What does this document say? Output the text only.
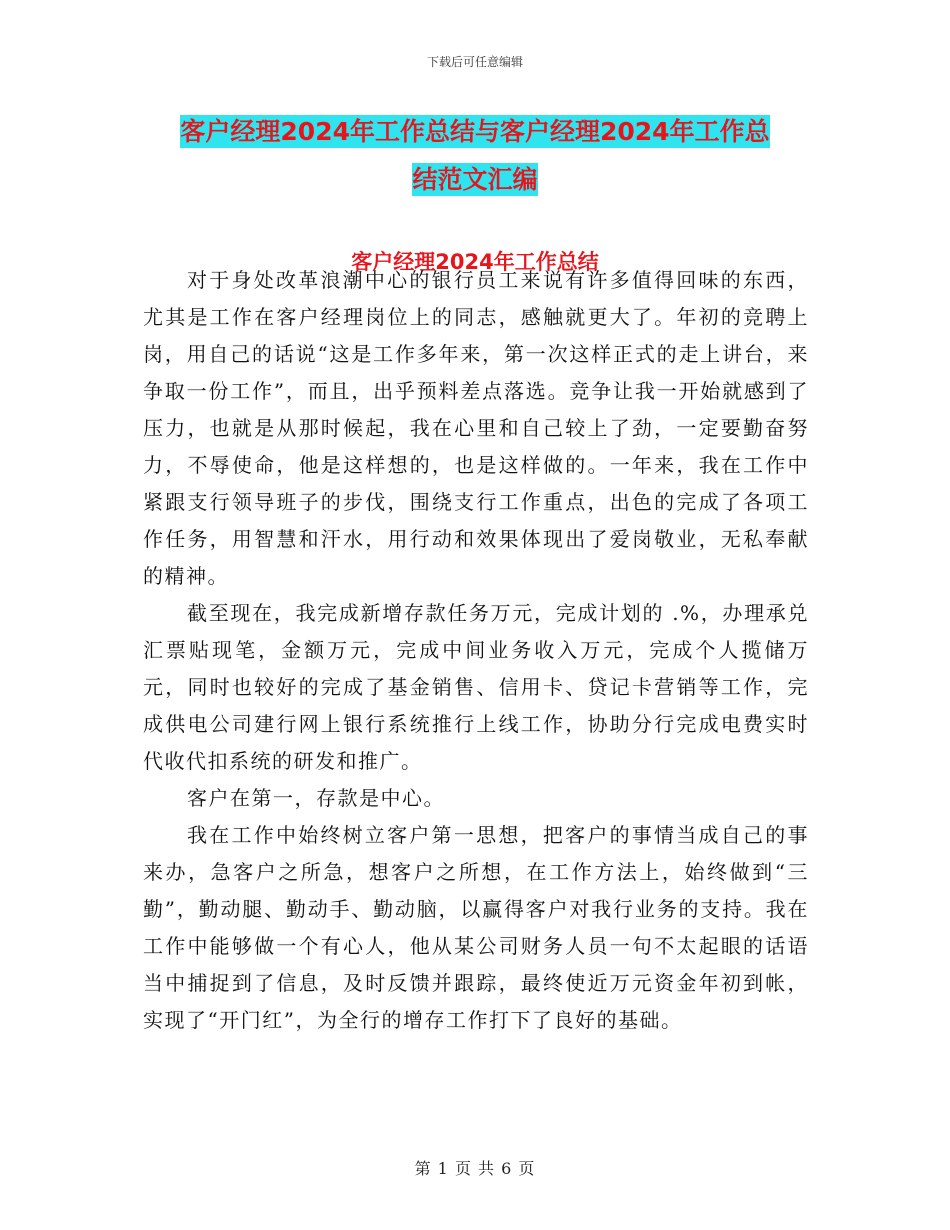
下载后可任意编辑
客户经理2024年工作总结与客户经理2024年工作总
结范文汇编
客户经理2024年工作总结

对于身处改革浪潮中心的银行员工来说有许多值得回味的东西，尤其是工作在客户经理岗位上的同志，感触就更大了。年初的竞聘上岗，用自己的话说“这是工作多年来，第一次这样正式的走上讲台，来争取一份工作”，而且，出乎预料差点落选。竞争让我一开始就感到了压力，也就是从那时候起，我在心里和自己较上了劲，一定要勤奋努力，不辱使命，他是这样想的，也是这样做的。一年来，我在工作中紧跟支行领导班子的步伐，围绕支行工作重点，出色的完成了各项工作任务，用智慧和汗水，用行动和效果体现出了爱岗敬业，无私奉献的精神。

截至现在，我完成新增存款任务万元，完成计划的 .%，办理承兑汇票贴现笔，金额万元，完成中间业务收入万元，完成个人揽储万元，同时也较好的完成了基金销售、信用卡、贷记卡营销等工作，完成供电公司建行网上银行系统推行上线工作，协助分行完成电费实时代收代扣系统的研发和推广。

客户在第一，存款是中心。

我在工作中始终树立客户第一思想，把客户的事情当成自己的事来办，急客户之所急，想客户之所想，在工作方法上，始终做到“三勤”，勤动腿、勤动手、勤动脑，以赢得客户对我行业务的支持。我在工作中能够做一个有心人，他从某公司财务人员一句不太起眼的话语当中捕捉到了信息，及时反馈并跟踪，最终使近万元资金年初到帐，实现了“开门红”，为全行的增存工作打下了良好的基础。

第 1 页 共 6 页
